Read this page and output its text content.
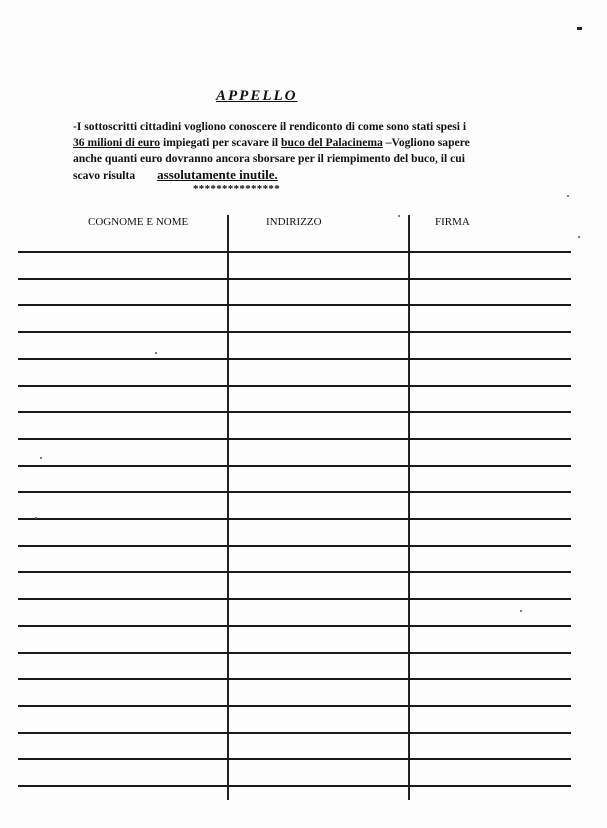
APPELLO
-I sottoscritti cittadini vogliono conoscere il rendiconto di come sono stati spesi i
36 milioni di euro impiegati per scavare il buco del Palacinema –Vogliono sapere
anche quanti euro dovranno ancora sborsare per il riempimento del buco, il cui
scavo risulta assolutamente inutile.
***************
COGNOME E NOME	INDIRIZZO	FIRMA
